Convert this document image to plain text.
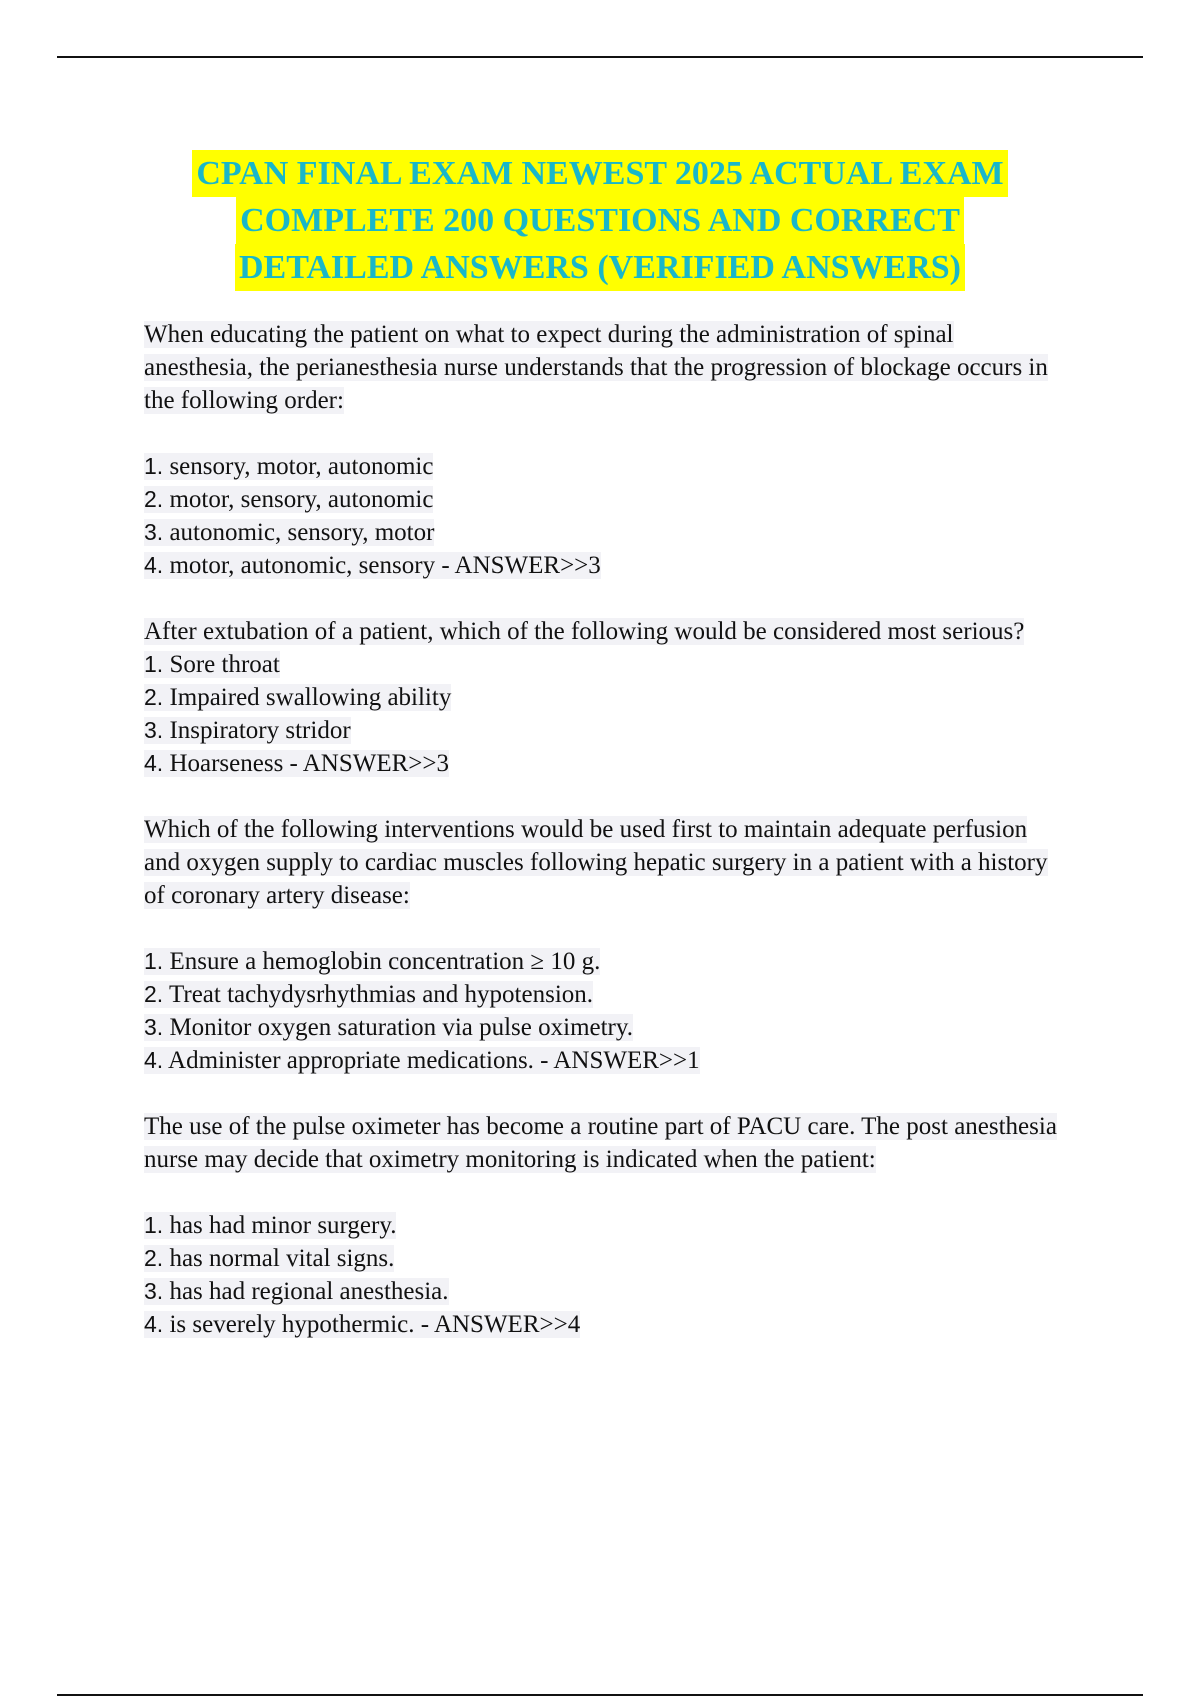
CPAN FINAL EXAM NEWEST 2025 ACTUAL EXAM
COMPLETE 200 QUESTIONS AND CORRECT
DETAILED ANSWERS (VERIFIED ANSWERS)

When educating the patient on what to expect during the administration of spinal anesthesia, the perianesthesia nurse understands that the progression of blockage occurs in the following order:

1. sensory, motor, autonomic
2. motor, sensory, autonomic
3. autonomic, sensory, motor
4. motor, autonomic, sensory - ANSWER>>3

After extubation of a patient, which of the following would be considered most serious?

1. Sore throat
2. Impaired swallowing ability
3. Inspiratory stridor
4. Hoarseness - ANSWER>>3

Which of the following interventions would be used first to maintain adequate perfusion and oxygen supply to cardiac muscles following hepatic surgery in a patient with a history of coronary artery disease:

1. Ensure a hemoglobin concentration ≥ 10 g.
2. Treat tachydysrhythmias and hypotension.
3. Monitor oxygen saturation via pulse oximetry.
4. Administer appropriate medications. - ANSWER>>1

The use of the pulse oximeter has become a routine part of PACU care. The post anesthesia nurse may decide that oximetry monitoring is indicated when the patient:

1. has had minor surgery.
2. has normal vital signs.
3. has had regional anesthesia.
4. is severely hypothermic. - ANSWER>>4
